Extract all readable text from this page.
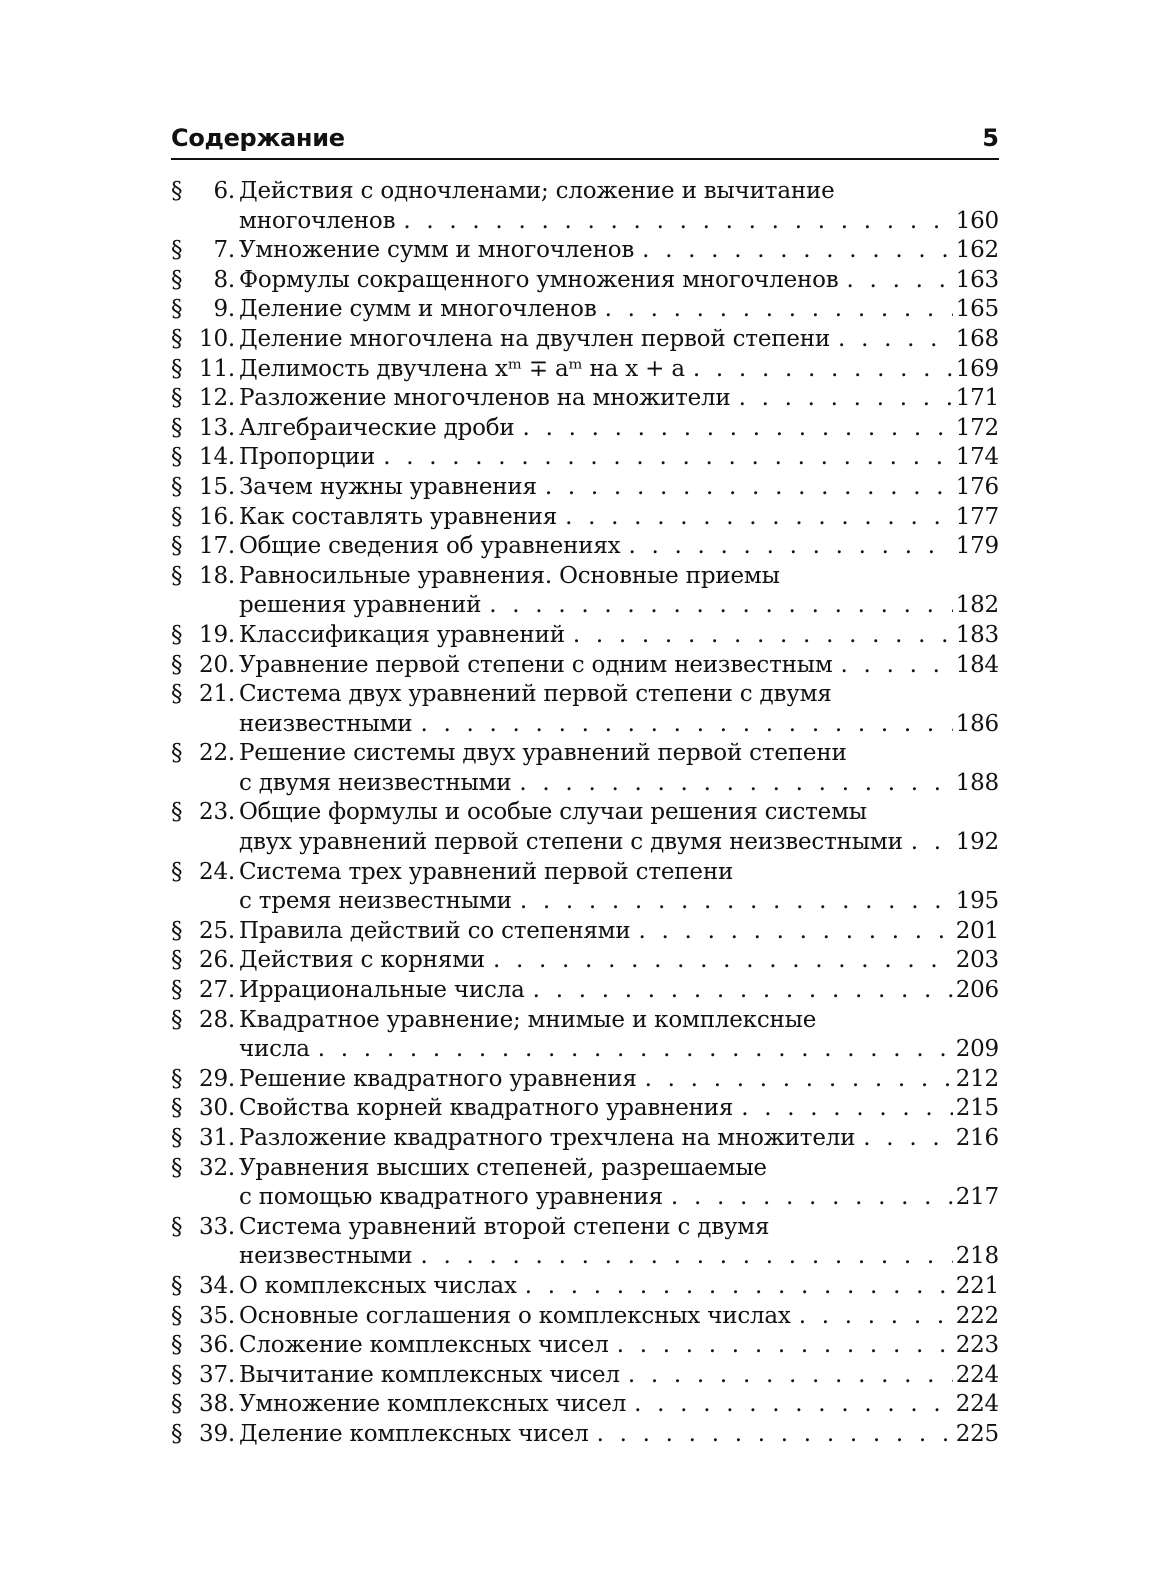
Содержание	5
§ 6. Действия с одночленами; сложение и вычитание
многочленов . . .	160
§ 7. Умножение сумм и многочленов . . .	162
§ 8. Формулы сокращенного умножения многочленов . . .	163
§ 9. Деление сумм и многочленов . . .	165
§ 10. Деление многочлена на двучлен первой степени . . .	168
§ 11. Делимость двучлена xᵐ ∓ aᵐ на x + a . . .	169
§ 12. Разложение многочленов на множители . . .	171
§ 13. Алгебраические дроби . . .	172
§ 14. Пропорции . . .	174
§ 15. Зачем нужны уравнения . . .	176
§ 16. Как составлять уравнения . . .	177
§ 17. Общие сведения об уравнениях . . .	179
§ 18. Равносильные уравнения. Основные приемы
решения уравнений . . .	182
§ 19. Классификация уравнений . . .	183
§ 20. Уравнение первой степени с одним неизвестным . . .	184
§ 21. Система двух уравнений первой степени с двумя
неизвестными . . .	186
§ 22. Решение системы двух уравнений первой степени
с двумя неизвестными . . .	188
§ 23. Общие формулы и особые случаи решения системы
двух уравнений первой степени с двумя неизвестными . . . 192
§ 24. Система трех уравнений первой степени
с тремя неизвестными . . .	195
§ 25. Правила действий со степенями . . .	201
§ 26. Действия с корнями . . .	203
§ 27. Иррациональные числа . . .	206
§ 28. Квадратное уравнение; мнимые и комплексные
числа . . .	209
§ 29. Решение квадратного уравнения . . .	212
§ 30. Свойства корней квадратного уравнения . . .	215
§ 31. Разложение квадратного трехчлена на множители . . .	216
§ 32. Уравнения высших степеней, разрешаемые
с помощью квадратного уравнения . . .	217
§ 33. Система уравнений второй степени с двумя
неизвестными . . .	218
§ 34. О комплексных числах . . .	221
§ 35. Основные соглашения о комплексных числах . . .	222
§ 36. Сложение комплексных чисел . . .	223
§ 37. Вычитание комплексных чисел . . .	224
§ 38. Умножение комплексных чисел . . .	224
§ 39. Деление комплексных чисел . . .	225
